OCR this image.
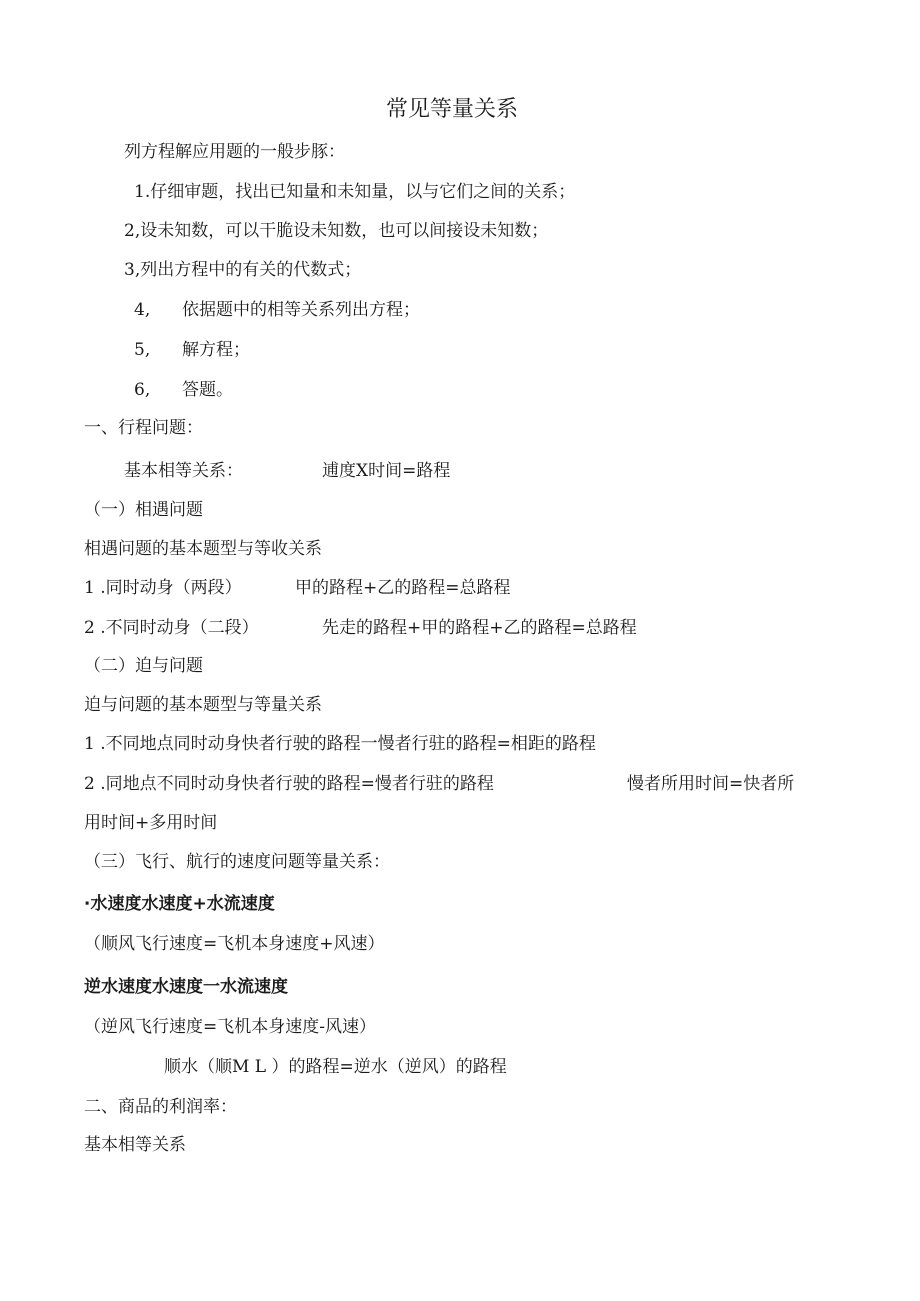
常见等量关系
列方程解应用题的一般步豚：
1.仔细审题，找出已知量和未知量，以与它们之间的关系；
2,设未知数，可以干脆设未知数，也可以间接设未知数；
3,列出方程中的有关的代数式；
4, 依据题中的相等关系列出方程；
5, 解方程；
6, 答题。
一、行程问题：
基本相等关系：	逋度X时间=路程
（一）相遇问题
相遇问题的基本题型与等收关系
1 .同时动身（两段）	甲的路程+乙的路程=总路程
2 .不同时动身（二段）	先走的路程+甲的路程+乙的路程=总路程
（二）迫与问题
迫与问题的基本题型与等量关系
1 .不同地点同时动身快者行驶的路程一慢者行驻的路程=相距的路程
2 .同地点不同时动身快者行驶的路程=慢者行驻的路程	慢者所用时间=快者所
用时间+多用时间
（三）飞行、航行的速度问题等量关系：
∙水速度水速度+水流速度
（顺风飞行速度=飞机本身速度+风速）
逆水速度水速度一水流速度
（逆风飞行速度=飞机本身速度-风速）
顺水（顺M L ）的路程=逆水（逆风）的路程
二、商品的利润率：
基本相等关系
